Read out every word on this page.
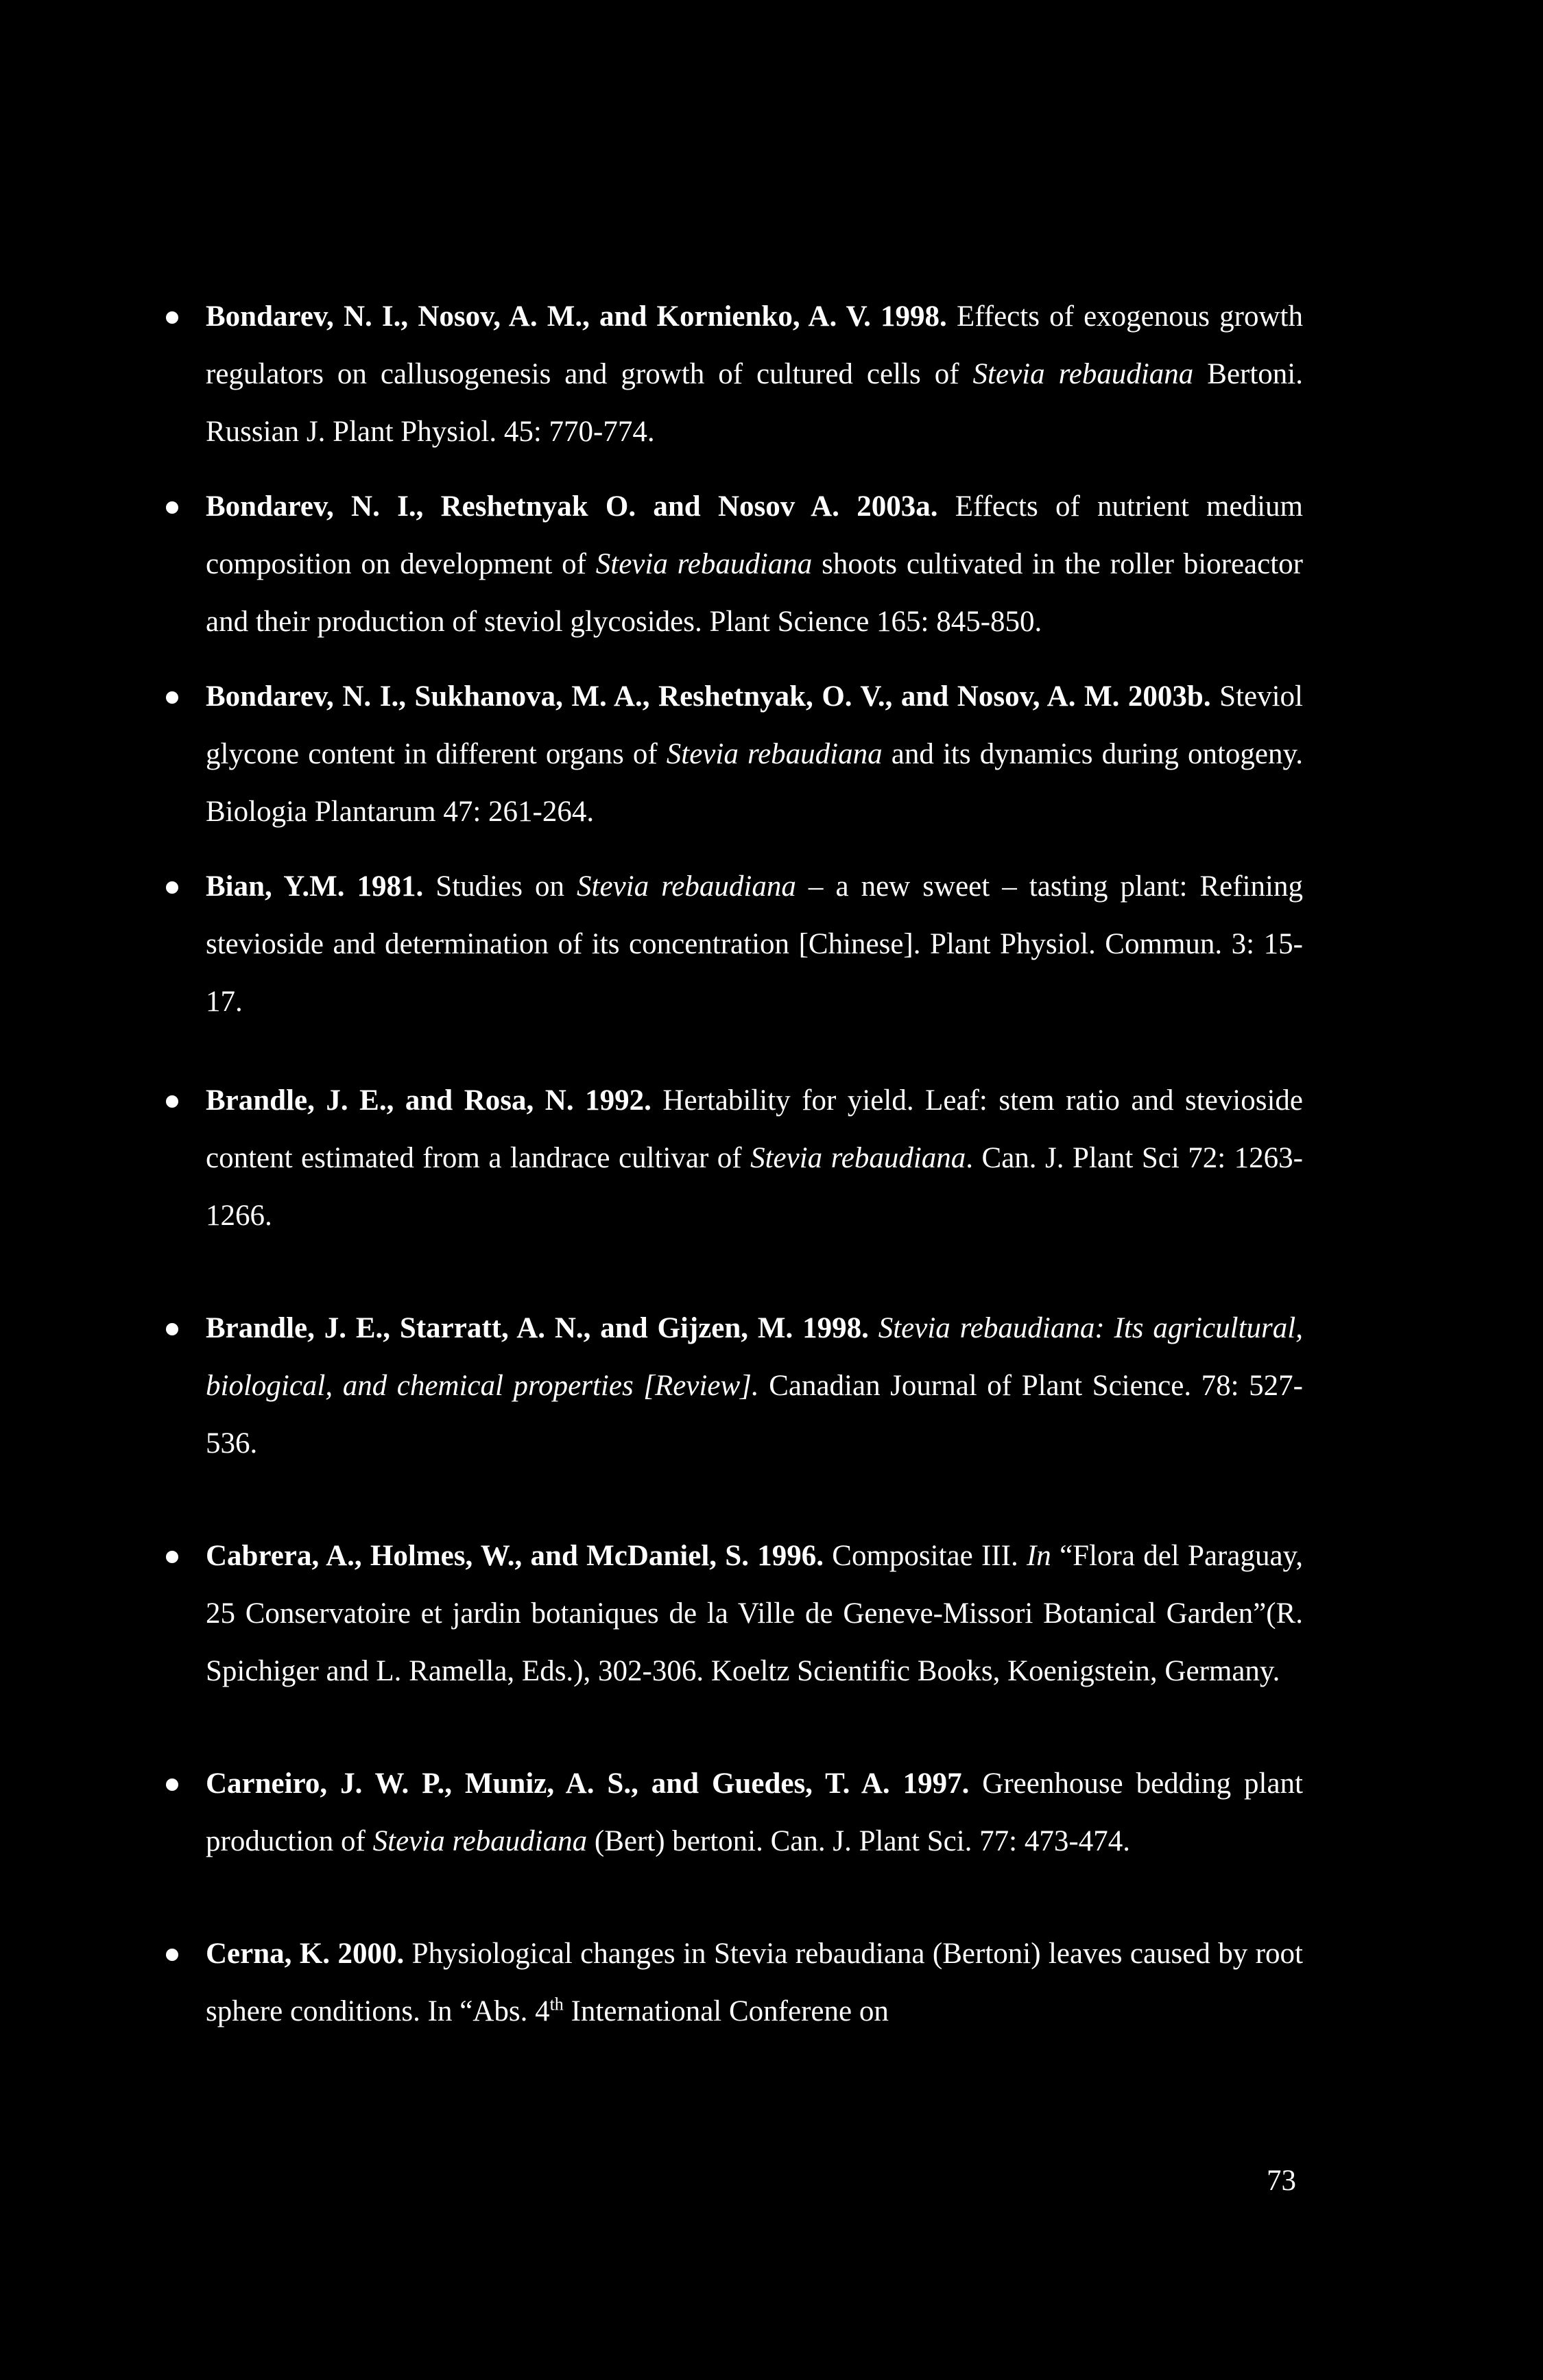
Bondarev, N. I., Nosov, A. M., and Kornienko, A. V. 1998. Effects of exogenous growth regulators on callusogenesis and growth of cultured cells of Stevia rebaudiana Bertoni. Russian J. Plant Physiol. 45: 770-774.
Bondarev, N. I., Reshetnyak O. and Nosov A. 2003a. Effects of nutrient medium composition on development of Stevia rebaudiana shoots cultivated in the roller bioreactor and their production of steviol glycosides. Plant Science 165: 845-850.
Bondarev, N. I., Sukhanova, M. A., Reshetnyak, O. V., and Nosov, A. M. 2003b. Steviol glycone content in different organs of Stevia rebaudiana and its dynamics during ontogeny. Biologia Plantarum 47: 261-264.
Bian, Y.M. 1981. Studies on Stevia rebaudiana – a new sweet – tasting plant: Refining stevioside and determination of its concentration [Chinese]. Plant Physiol. Commun. 3: 15-17.
Brandle, J. E., and Rosa, N. 1992. Hertability for yield. Leaf: stem ratio and stevioside content estimated from a landrace cultivar of Stevia rebaudiana. Can. J. Plant Sci 72: 1263-1266.
Brandle, J. E., Starratt, A. N., and Gijzen, M. 1998. Stevia rebaudiana: Its agricultural, biological, and chemical properties [Review]. Canadian Journal of Plant Science. 78: 527-536.
Cabrera, A., Holmes, W., and McDaniel, S. 1996. Compositae III. In “Flora del Paraguay, 25 Conservatoire et jardin botaniques de la Ville de Geneve-Missori Botanical Garden”(R. Spichiger and L. Ramella, Eds.), 302-306. Koeltz Scientific Books, Koenigstein, Germany.
Carneiro, J. W. P., Muniz, A. S., and Guedes, T. A. 1997. Greenhouse bedding plant production of Stevia rebaudiana (Bert) bertoni. Can. J. Plant Sci. 77: 473-474.
Cerna, K. 2000. Physiological changes in Stevia rebaudiana (Bertoni) leaves caused by root sphere conditions. In “Abs. 4th International Conferene on
73
